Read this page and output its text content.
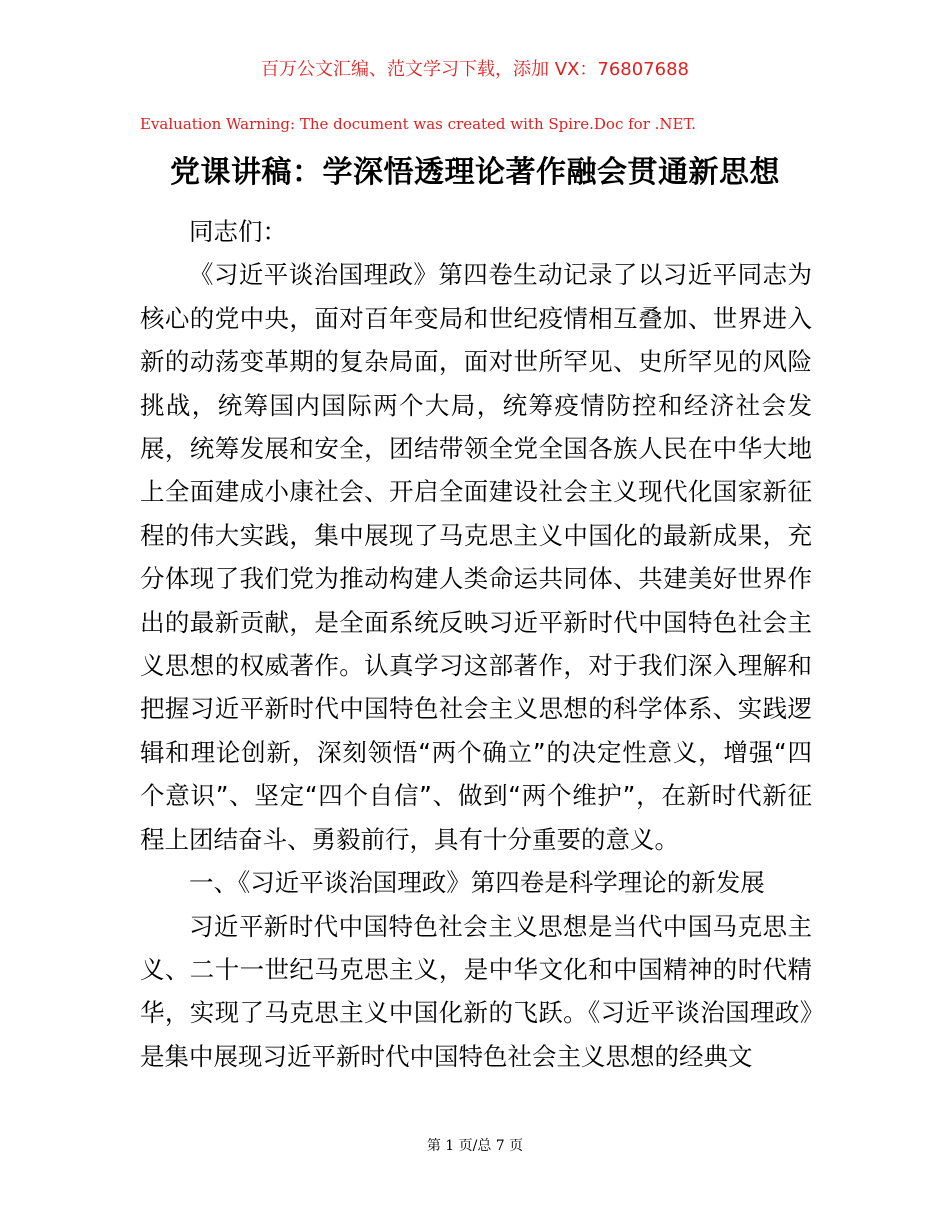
百万公文汇编、范文学习下载，添加 VX：76807688
Evaluation Warning: The document was created with Spire.Doc for .NET.
党课讲稿：学深悟透理论著作融会贯通新思想

同志们：

《习近平谈治国理政》第四卷生动记录了以习近平同志为核心的党中央，面对百年变局和世纪疫情相互叠加、世界进入新的动荡变革期的复杂局面，面对世所罕见、史所罕见的风险挑战，统筹国内国际两个大局，统筹疫情防控和经济社会发展，统筹发展和安全，团结带领全党全国各族人民在中华大地上全面建成小康社会、开启全面建设社会主义现代化国家新征程的伟大实践，集中展现了马克思主义中国化的最新成果，充分体现了我们党为推动构建人类命运共同体、共建美好世界作出的最新贡献，是全面系统反映习近平新时代中国特色社会主义思想的权威著作。认真学习这部著作，对于我们深入理解和把握习近平新时代中国特色社会主义思想的科学体系、实践逻辑和理论创新，深刻领悟“两个确立”的决定性意义，增强“四个意识”、坚定“四个自信”、做到“两个维护”，在新时代新征程上团结奋斗、勇毅前行，具有十分重要的意义。

一、《习近平谈治国理政》第四卷是科学理论的新发展

习近平新时代中国特色社会主义思想是当代中国马克思主义、二十一世纪马克思主义，是中华文化和中国精神的时代精华，实现了马克思主义中国化新的飞跃。《习近平谈治国理政》是集中展现习近平新时代中国特色社会主义思想的经典文

第 1 页/总 7 页
